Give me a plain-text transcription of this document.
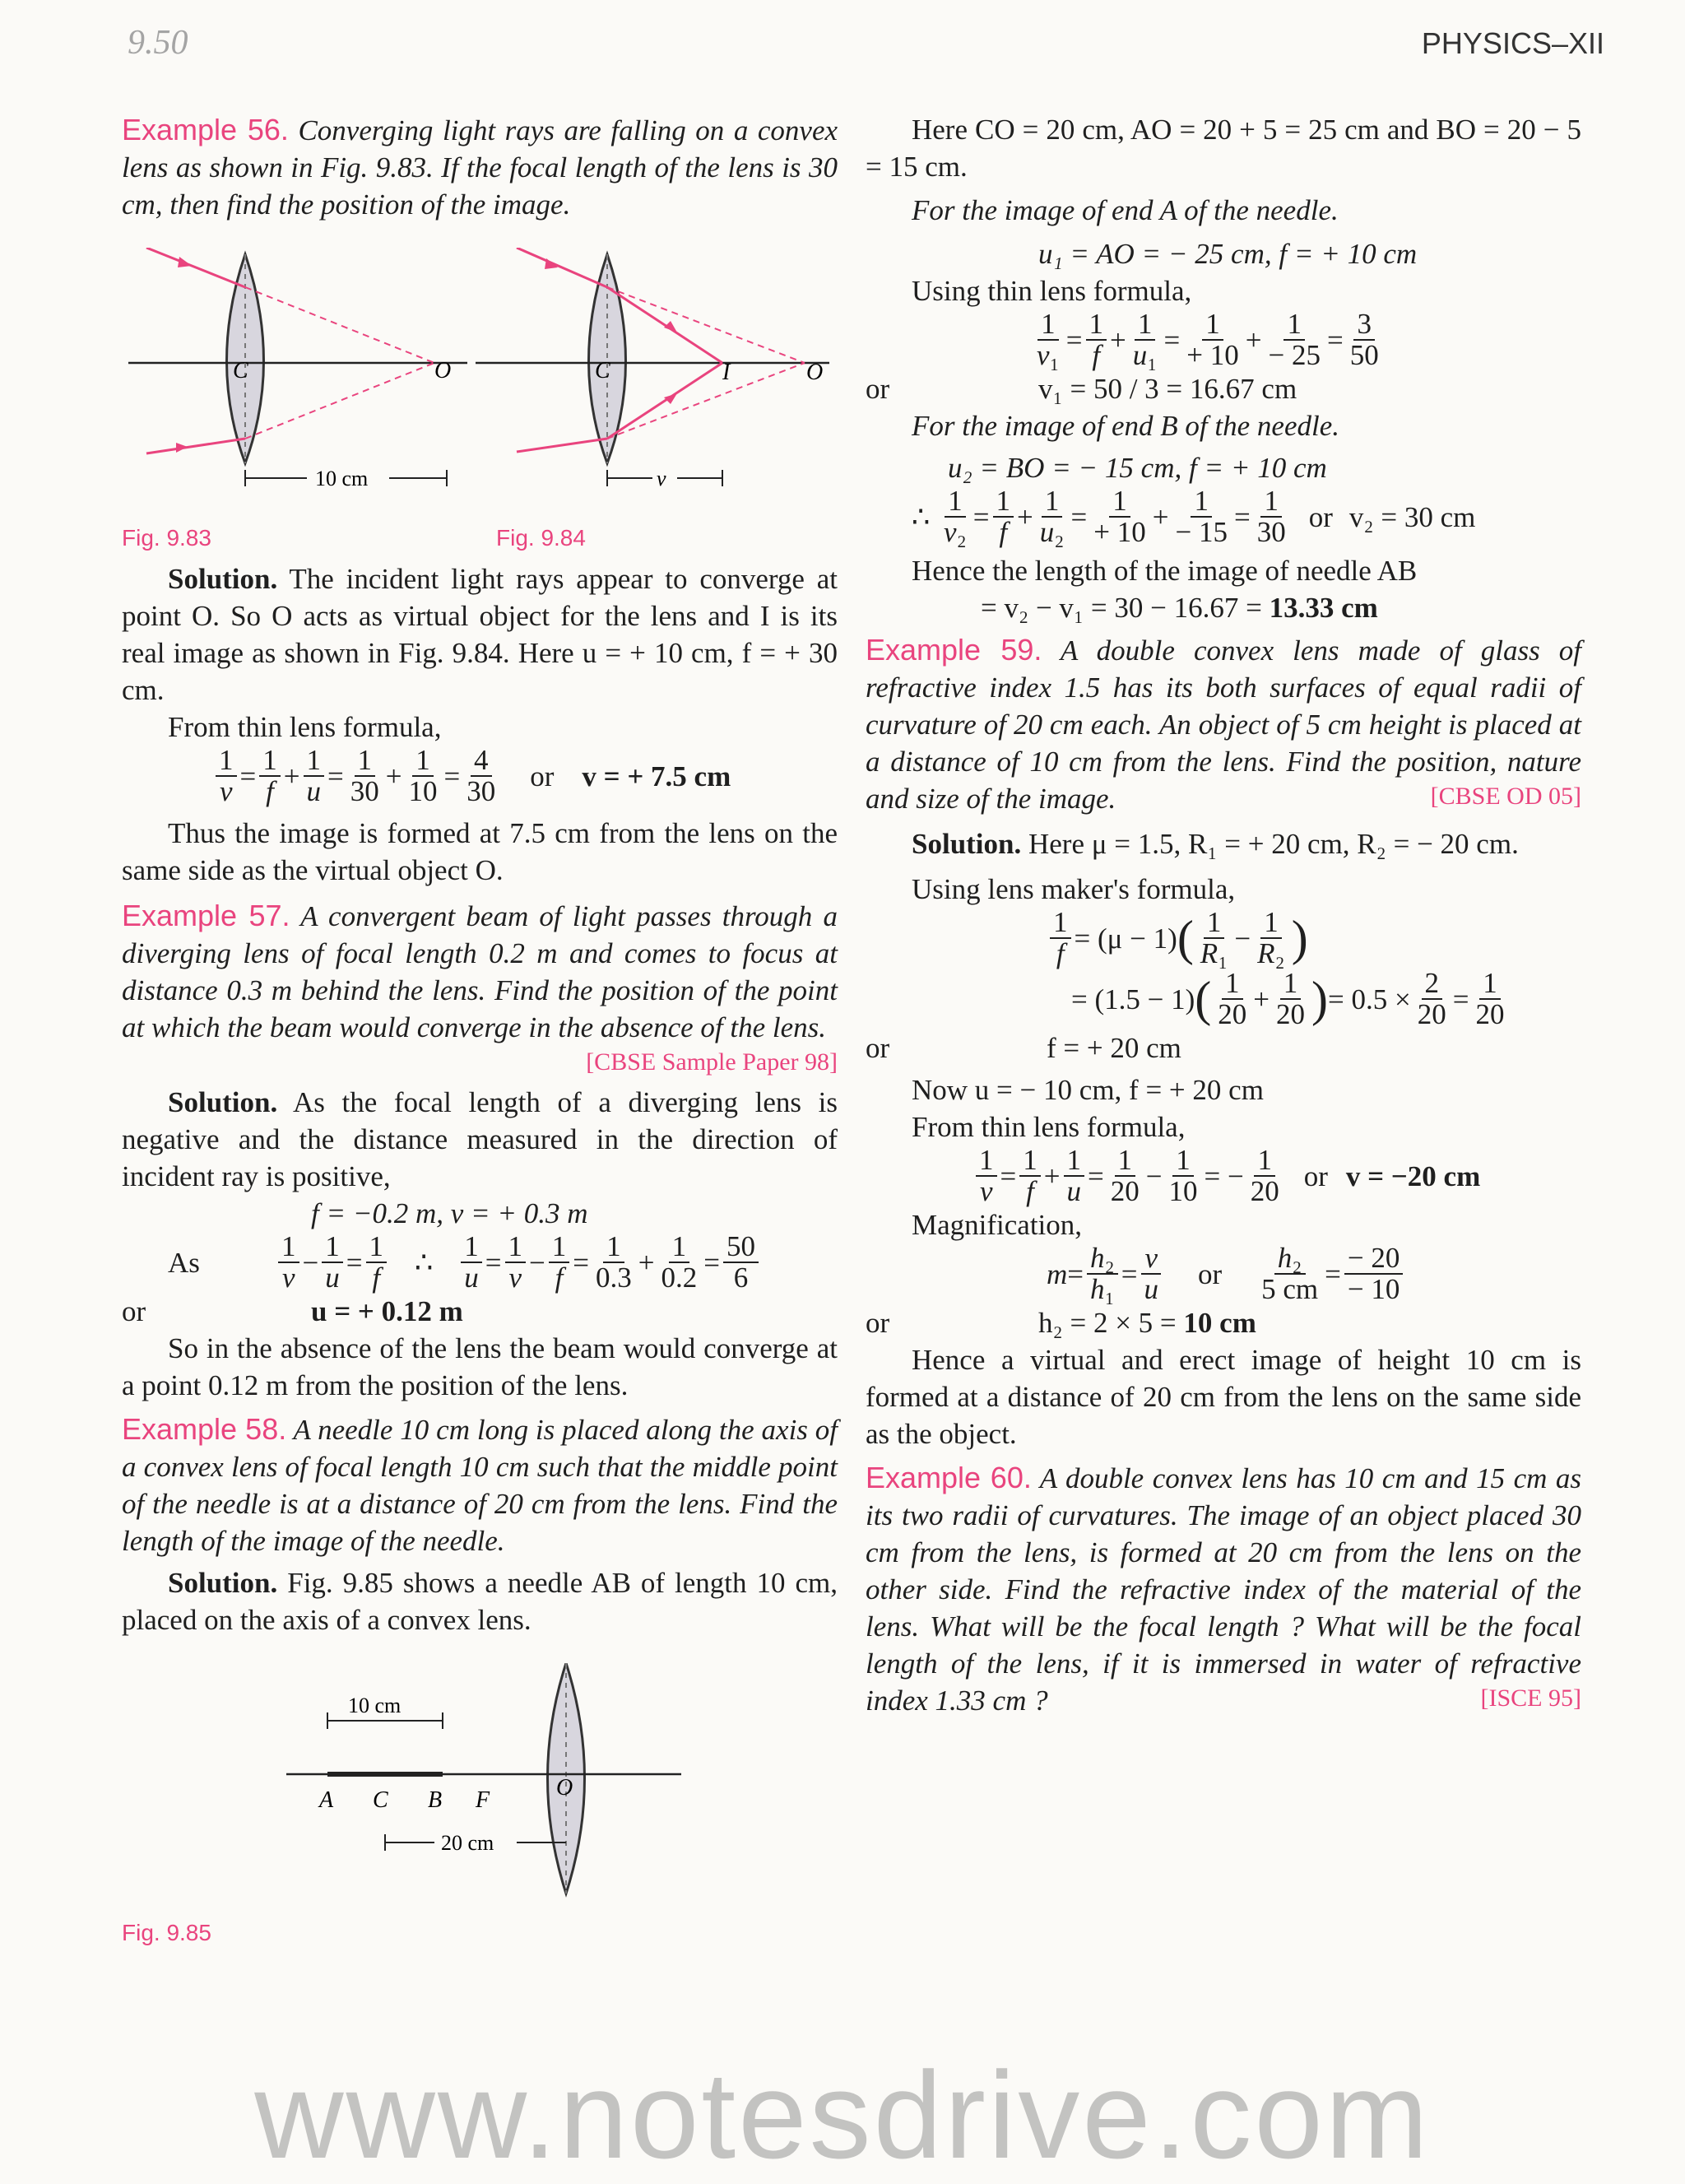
9.50	PHYSICS–XII

Example 56. Converging light rays are falling on a convex lens as shown in Fig. 9.83. If the focal length of the lens is 30 cm, then find the position of the image.

C	O
10 cm
C	I	O
v
Fig. 9.83	Fig. 9.84

Solution. The incident light rays appear to converge at point O. So O acts as virtual object for the lens and I is its real image as shown in Fig. 9.84. Here u = + 10 cm, f = + 30 cm.

From thin lens formula,

$\frac{1}{v} = \frac{1}{f} + \frac{1}{u} = \frac{1}{30} + \frac{1}{10} = \frac{4}{30}$ or v = + 7.5 cm

Thus the image is formed at 7.5 cm from the lens on the same side as the virtual object O.

Example 57. A convergent beam of light passes through a diverging lens of focal length 0.2 m and comes to focus at distance 0.3 m behind the lens. Find the position of the point at which the beam would converge in the absence of the lens.
[CBSE Sample Paper 98]

Solution. As the focal length of a diverging lens is negative and the distance measured in the direction of incident ray is positive,

f = −0.2 m, v = + 0.3 m

As	$\frac{1}{v} - \frac{1}{u} = \frac{1}{f}$ ∴ $\frac{1}{u} = \frac{1}{v} - \frac{1}{f} = \frac{1}{0.3} + \frac{1}{0.2} = \frac{50}{6}$

or	u = + 0.12 m

So in the absence of the lens the beam would converge at a point 0.12 m from the position of the lens.

Example 58. A needle 10 cm long is placed along the axis of a convex lens of focal length 10 cm such that the middle point of the needle is at a distance of 20 cm from the lens. Find the length of the image of the needle.

Solution. Fig. 9.85 shows a needle AB of length 10 cm, placed on the axis of a convex lens.

10 cm
A C B F	O
20 cm
Fig. 9.85

Here CO = 20 cm, AO = 20 + 5 = 25 cm and BO = 20 − 5 = 15 cm.

For the image of end A of the needle.

u₁ = AO = − 25 cm, f = + 10 cm

Using thin lens formula,

$\frac{1}{\text{v₁}} = \frac{1}{f} + \frac{1}{\text{u₁}} = \frac{1}{+ 10} + \frac{1}{- 25} = \frac{3}{50}$

or	v₁ = 50 / 3 = 16.67 cm

For the image of end B of the needle.

u₂ = BO = − 15 cm, f = + 10 cm

∴ $\frac{1}{\text{v₂}} = \frac{1}{f} + \frac{1}{\text{u₂}} = \frac{1}{+ 10} + \frac{1}{- 15} = \frac{1}{30}$ or v₂ = 30 cm

Hence the length of the image of needle AB

= v₂ − v₁ = 30 − 16.67 = 13.33 cm

Example 59. A double convex lens made of glass of refractive index 1.5 has its both surfaces of equal radii of curvature of 20 cm each. An object of 5 cm height is placed at a distance of 10 cm from the lens. Find the position, nature and size of the image.	[CBSE OD 05]

Solution. Here μ = 1.5, R₁ = + 20 cm, R₂ = − 20 cm.

Using lens maker's formula,

$\frac{1}{f} = (\mu - 1)$ ( $\frac{1}{\text{R₁}} - \frac{1}{\text{R₂}}$ )
= (1.5 − 1) ( $\frac{1}{20} + \frac{1}{20}$ ) = $0.5 \times \frac{2}{20} = \frac{1}{20}$

or	f = + 20 cm

Now u = − 10 cm, f = + 20 cm

From thin lens formula,

$\frac{1}{v} = \frac{1}{f} + \frac{1}{u} = \frac{1}{20} - \frac{1}{10}$ = − $\frac{1}{20}$ or v = −20 cm

Magnification,

$m = \frac{\text{h₂}}{\text{h₁}} = \frac{v}{u}$ or $\frac{\text{h₂}}{5 cm} = \frac{- 20}{- 10}$

or	h₂ = 2 × 5 = 10 cm

Hence a virtual and erect image of height 10 cm is formed at a distance of 20 cm from the lens on the same side as the object.

Example 60. A double convex lens has 10 cm and 15 cm as its two radii of curvatures. The image of an object placed 30 cm from the lens, is formed at 20 cm from the lens on the other side. Find the refractive index of the material of the lens. What will be the focal length ? What will be the focal length of the lens, if it is immersed in water of refractive index 1.33 cm ?	[ISCE 95]

www.notesdrive.com
